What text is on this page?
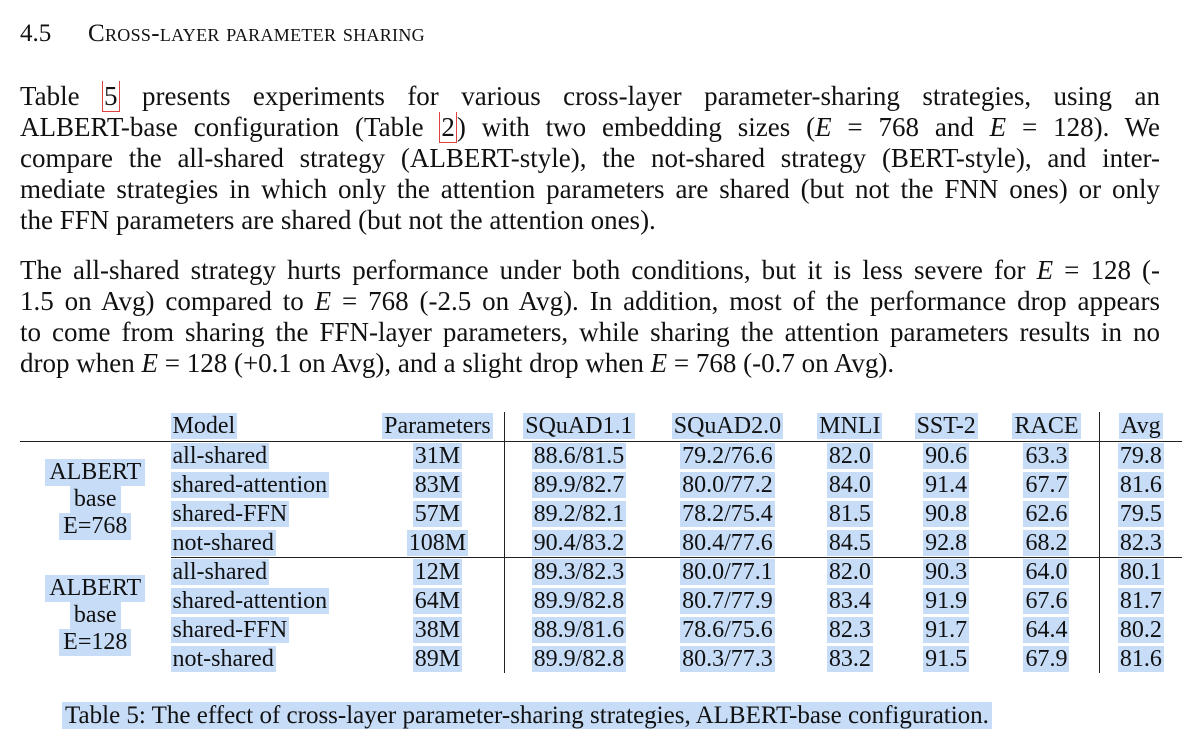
4.5 Cross-layer parameter sharing
Table 5 presents experiments for various cross-layer parameter-sharing strategies, using an
ALBERT-base configuration (Table 2) with two embedding sizes (E = 768 and E = 128). We
compare the all-shared strategy (ALBERT-style), the not-shared strategy (BERT-style), and inter-
mediate strategies in which only the attention parameters are shared (but not the FNN ones) or only
the FFN parameters are shared (but not the attention ones).
The all-shared strategy hurts performance under both conditions, but it is less severe for E = 128 (-
1.5 on Avg) compared to E = 768 (-2.5 on Avg). In addition, most of the performance drop appears
to come from sharing the FFN-layer parameters, while sharing the attention parameters results in no
drop when E = 128 (+0.1 on Avg), and a slight drop when E = 768 (-0.7 on Avg).
	Model	Parameters	SQuAD1.1	SQuAD2.0	MNLI	SST-2	RACE	Avg
ALBERT
base
E=768	all-shared	31M	88.6/81.5	79.2/76.6	82.0	90.6	63.3	79.8
	shared-attention	83M	89.9/82.7	80.0/77.2	84.0	91.4	67.7	81.6
	shared-FFN	57M	89.2/82.1	78.2/75.4	81.5	90.8	62.6	79.5
	not-shared	108M	90.4/83.2	80.4/77.6	84.5	92.8	68.2	82.3
ALBERT
base
E=128	all-shared	12M	89.3/82.3	80.0/77.1	82.0	90.3	64.0	80.1
	shared-attention	64M	89.9/82.8	80.7/77.9	83.4	91.9	67.6	81.7
	shared-FFN	38M	88.9/81.6	78.6/75.6	82.3	91.7	64.4	80.2
	not-shared	89M	89.9/82.8	80.3/77.3	83.2	91.5	67.9	81.6
Table 5: The effect of cross-layer parameter-sharing strategies, ALBERT-base configuration.
